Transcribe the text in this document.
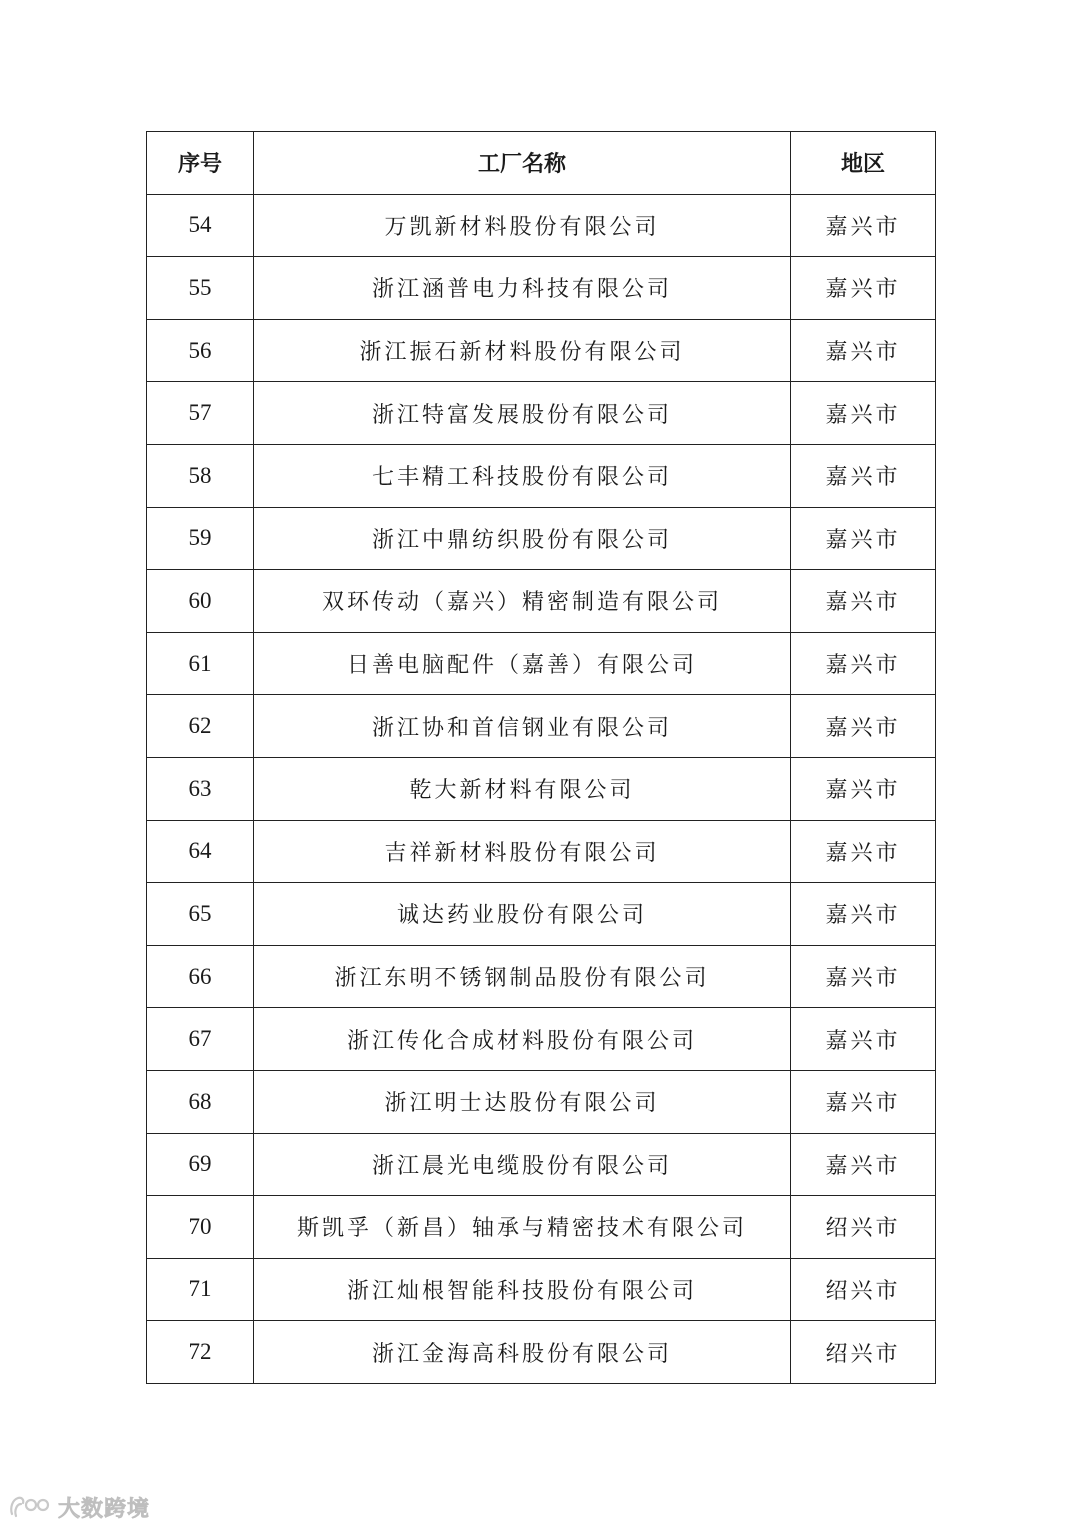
序号	工厂名称	地区
54	万凯新材料股份有限公司	嘉兴市
55	浙江涵普电力科技有限公司	嘉兴市
56	浙江振石新材料股份有限公司	嘉兴市
57	浙江特富发展股份有限公司	嘉兴市
58	七丰精工科技股份有限公司	嘉兴市
59	浙江中鼎纺织股份有限公司	嘉兴市
60	双环传动（嘉兴）精密制造有限公司	嘉兴市
61	日善电脑配件（嘉善）有限公司	嘉兴市
62	浙江协和首信钢业有限公司	嘉兴市
63	乾大新材料有限公司	嘉兴市
64	吉祥新材料股份有限公司	嘉兴市
65	诚达药业股份有限公司	嘉兴市
66	浙江东明不锈钢制品股份有限公司	嘉兴市
67	浙江传化合成材料股份有限公司	嘉兴市
68	浙江明士达股份有限公司	嘉兴市
69	浙江晨光电缆股份有限公司	嘉兴市
70	斯凯孚（新昌）轴承与精密技术有限公司	绍兴市
71	浙江灿根智能科技股份有限公司	绍兴市
72	浙江金海高科股份有限公司	绍兴市
大数跨境
